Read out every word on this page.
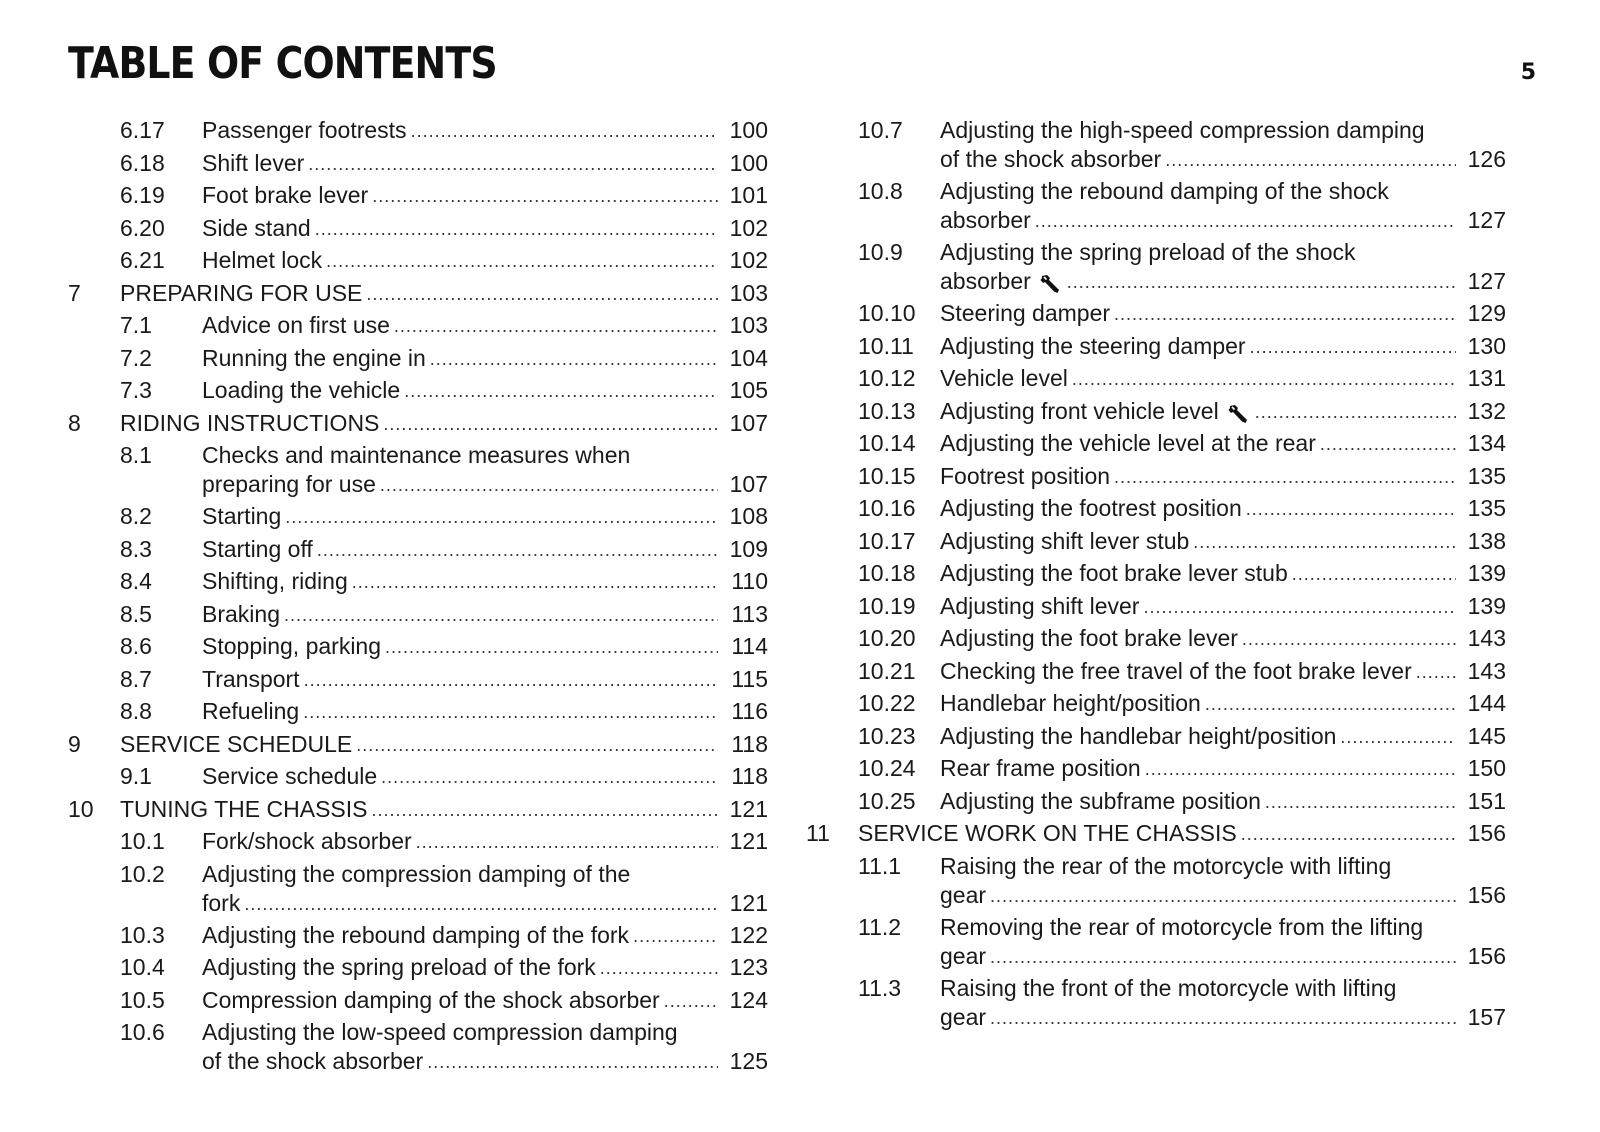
TABLE OF CONTENTS	5
6.17	Passenger footrests .....	100
6.18	Shift lever .....	100
6.19	Foot brake lever .....	101
6.20	Side stand .....	102
6.21	Helmet lock .....	102
7	PREPARING FOR USE .....	103
7.1	Advice on first use .....	103
7.2	Running the engine in .....	104
7.3	Loading the vehicle .....	105
8	RIDING INSTRUCTIONS .....	107
8.1	Checks and maintenance measures when
preparing for use .....	107
8.2	Starting .....	108
8.3	Starting off .....	109
8.4	Shifting, riding .....	110
8.5	Braking .....	113
8.6	Stopping, parking .....	114
8.7	Transport .....	115
8.8	Refueling .....	116
9	SERVICE SCHEDULE .....	118
9.1	Service schedule .....	118
10	TUNING THE CHASSIS .....	121
10.1	Fork/shock absorber .....	121
10.2	Adjusting the compression damping of the
fork .....	121
10.3	Adjusting the rebound damping of the fork .....	122
10.4	Adjusting the spring preload of the fork .....	123
10.5	Compression damping of the shock absorber .....	124
10.6	Adjusting the low-speed compression damping
of the shock absorber .....	125
10.7	Adjusting the high-speed compression damping
of the shock absorber .....	126
10.8	Adjusting the rebound damping of the shock
absorber .....	127
10.9	Adjusting the spring preload of the shock
absorber .....	127
10.10	Steering damper .....	129
10.11	Adjusting the steering damper .....	130
10.12	Vehicle level .....	131
10.13	Adjusting front vehicle level .....	132
10.14	Adjusting the vehicle level at the rear .....	134
10.15	Footrest position .....	135
10.16	Adjusting the footrest position .....	135
10.17	Adjusting shift lever stub .....	138
10.18	Adjusting the foot brake lever stub .....	139
10.19	Adjusting shift lever .....	139
10.20	Adjusting the foot brake lever .....	143
10.21	Checking the free travel of the foot brake lever .....	143
10.22	Handlebar height/position .....	144
10.23	Adjusting the handlebar height/position .....	145
10.24	Rear frame position .....	150
10.25	Adjusting the subframe position .....	151
11	SERVICE WORK ON THE CHASSIS .....	156
11.1	Raising the rear of the motorcycle with lifting
gear .....	156
11.2	Removing the rear of motorcycle from the lifting
gear .....	156
11.3	Raising the front of the motorcycle with lifting
gear .....	157
